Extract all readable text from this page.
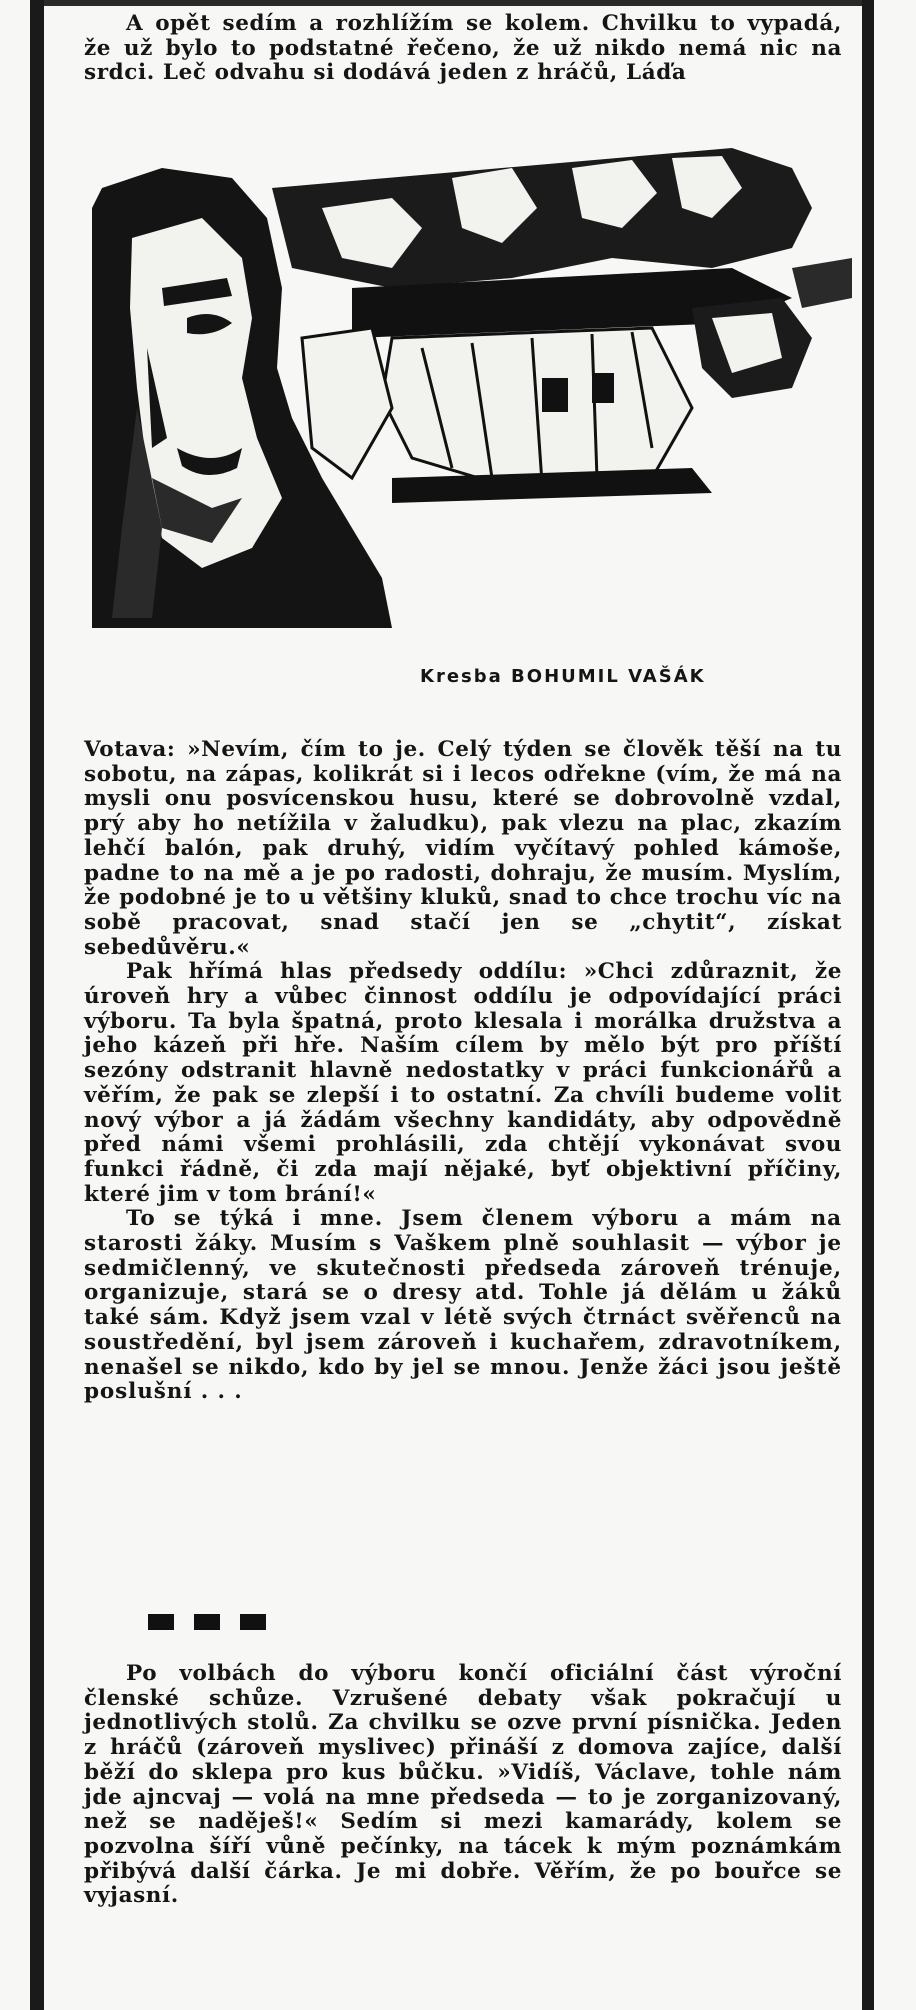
A opět sedím a rozhlížím se kolem. Chvilku to vypadá, že už bylo to podstatné řečeno, že už nikdo nemá nic na srdci. Leč odvahu si dodává jeden z hráčů, Láďa

Kresba BOHUMIL VAŠÁK

Votava: »Nevím, čím to je. Celý týden se člověk těší na tu sobotu, na zápas, kolikrát si i lecos odřekne (vím, že má na mysli onu posvícenskou husu, které se dobrovolně vzdal, prý aby ho netížila v žaludku), pak vlezu na plac, zkazím lehčí balón, pak druhý, vidím vyčítavý pohled kámoše, padne to na mě a je po radosti, dohraju, že musím. Myslím, že podobné je to u většiny kluků, snad to chce trochu víc na sobě pracovat, snad stačí jen se „chytit“, získat sebedůvěru.«

Pak hřímá hlas předsedy oddílu: »Chci zdůraznit, že úroveň hry a vůbec činnost oddílu je odpovídající práci výboru. Ta byla špatná, proto klesala i morálka družstva a jeho kázeň při hře. Naším cílem by mělo být pro příští sezóny odstranit hlavně nedostatky v práci funkcionářů a věřím, že pak se zlepší i to ostatní. Za chvíli budeme volit nový výbor a já žádám všechny kandidáty, aby odpovědně před námi všemi prohlásili, zda chtějí vykonávat svou funkci řádně, či zda mají nějaké, byť objektivní příčiny, které jim v tom brání!«

To se týká i mne. Jsem členem výboru a mám na starosti žáky. Musím s Vaškem plně souhlasit — výbor je sedmičlenný, ve skutečnosti předseda zároveň trénuje, organizuje, stará se o dresy atd. Tohle já dělám u žáků také sám. Když jsem vzal v létě svých čtrnáct svěřenců na soustředění, byl jsem zároveň i kuchařem, zdravotníkem, nenašel se nikdo, kdo by jel se mnou. Jenže žáci jsou ještě poslušní . . .

Po volbách do výboru končí oficiální část výroční členské schůze. Vzrušené debaty však pokračují u jednotlivých stolů. Za chvilku se ozve první písnička. Jeden z hráčů (zároveň myslivec) přináší z domova zajíce, další běží do sklepa pro kus bůčku. »Vidíš, Václave, tohle nám jde ajncvaj — volá na mne předseda — to je zorganizovaný, než se naděješ!« Sedím si mezi kamarády, kolem se pozvolna šíří vůně pečínky, na tácek k mým poznámkám přibývá další čárka. Je mi dobře. Věřím, že po bouřce se vyjasní.
